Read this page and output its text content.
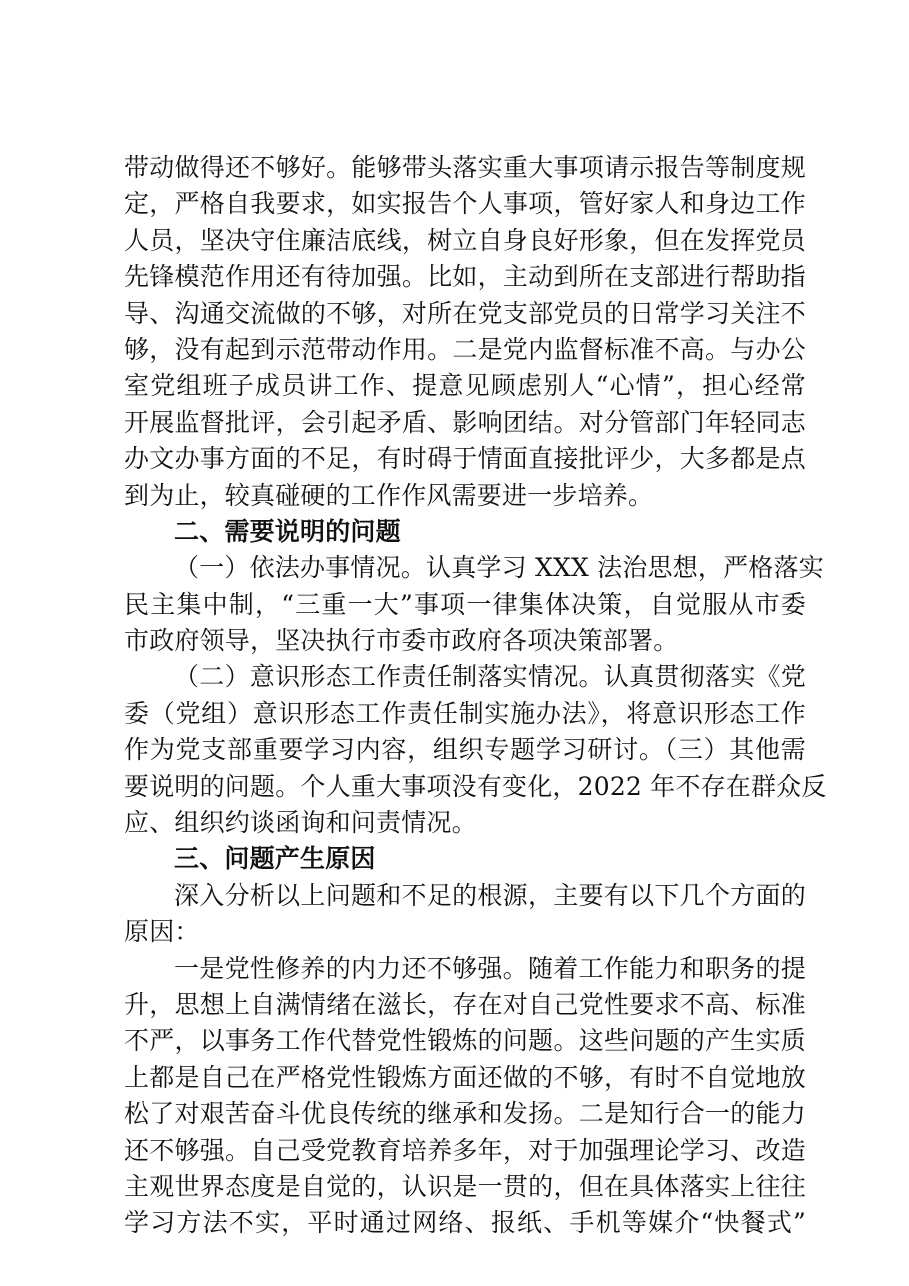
带动做得还不够好。能够带头落实重大事项请示报告等制度规
定，严格自我要求，如实报告个人事项，管好家人和身边工作
人员，坚决守住廉洁底线，树立自身良好形象，但在发挥党员
先锋模范作用还有待加强。比如，主动到所在支部进行帮助指
导、沟通交流做的不够，对所在党支部党员的日常学习关注不
够，没有起到示范带动作用。二是党内监督标准不高。与办公
室党组班子成员讲工作、提意见顾虑别人“心情”，担心经常
开展监督批评，会引起矛盾、影响团结。对分管部门年轻同志
办文办事方面的不足，有时碍于情面直接批评少，大多都是点
到为止，较真碰硬的工作作风需要进一步培养。
二、需要说明的问题
（一）依法办事情况。认真学习 XXX 法治思想，严格落实
民主集中制，“三重一大”事项一律集体决策，自觉服从市委
市政府领导，坚决执行市委市政府各项决策部署。
（二）意识形态工作责任制落实情况。认真贯彻落实《党
委（党组）意识形态工作责任制实施办法》，将意识形态工作
作为党支部重要学习内容，组织专题学习研讨。（三）其他需
要说明的问题。个人重大事项没有变化，2022 年不存在群众反
应、组织约谈函询和问责情况。
三、问题产生原因
深入分析以上问题和不足的根源，主要有以下几个方面的
原因：
一是党性修养的内力还不够强。随着工作能力和职务的提
升，思想上自满情绪在滋长，存在对自己党性要求不高、标准
不严，以事务工作代替党性锻炼的问题。这些问题的产生实质
上都是自己在严格党性锻炼方面还做的不够，有时不自觉地放
松了对艰苦奋斗优良传统的继承和发扬。二是知行合一的能力
还不够强。自己受党教育培养多年，对于加强理论学习、改造
主观世界态度是自觉的，认识是一贯的，但在具体落实上往往
学习方法不实，平时通过网络、报纸、手机等媒介“快餐式”
